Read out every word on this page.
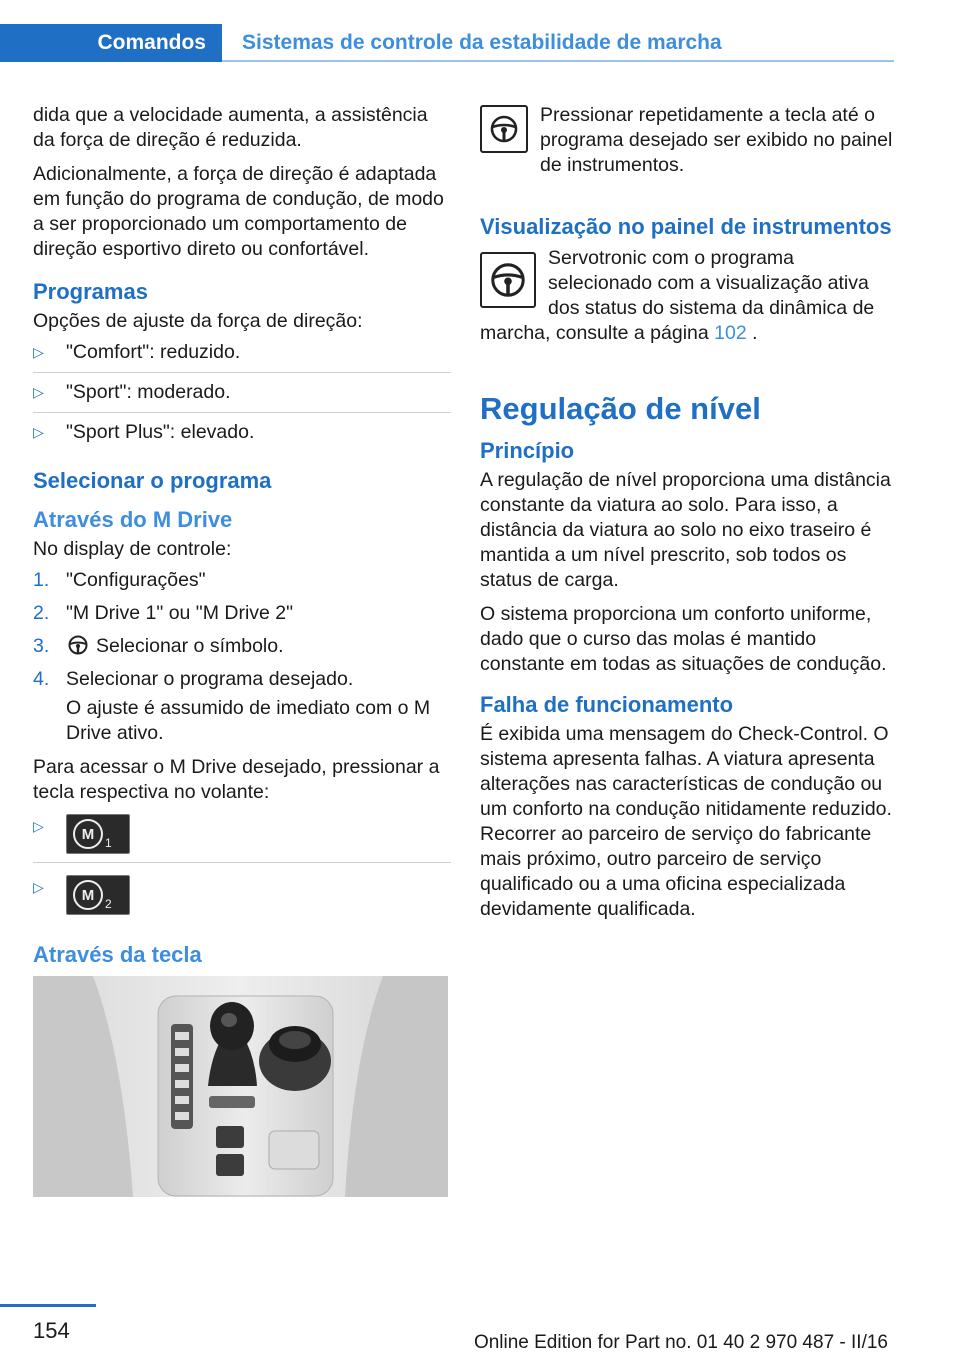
Comandos	Sistemas de controle da estabilidade de marcha

dida que a velocidade aumenta, a assistência da força de direção é reduzida.

Adicionalmente, a força de direção é adaptada em função do programa de condução, de modo a ser proporcionado um comportamento de direção esportivo direto ou confortável.

Programas

Opções de ajuste da força de direção:

▷ "Comfort": reduzido.
▷ "Sport": moderado.
▷ "Sport Plus": elevado.
Selecionar o programa
Através do M Drive

No display de controle:

1. "Configurações"
2. "M Drive 1" ou "M Drive 2"
3. Selecionar o símbolo.
4. Selecionar o programa desejado.

O ajuste é assumido de imediato com o M Drive ativo.

Para acessar o M Drive desejado, pressionar a tecla respectiva no volante:

▷	M
1
▷	M
2
Através da tecla

Pressionar repetidamente a tecla até o programa desejado ser exibido no painel de instrumentos.

Visualização no painel de instrumentos

Servotronic com o programa selecionado com a visualização ativa dos status do sistema da dinâmica de marcha, consulte a página 102 .

Regulação de nível
Princípio

A regulação de nível proporciona uma distância constante da viatura ao solo. Para isso, a distância da viatura ao solo no eixo traseiro é mantida a um nível prescrito, sob todos os status de carga.

O sistema proporciona um conforto uniforme, dado que o curso das molas é mantido constante em todas as situações de condução.

Falha de funcionamento

É exibida uma mensagem do Check-Control. O sistema apresenta falhas. A viatura apresenta alterações nas características de condução ou um conforto na condução nitidamente reduzido. Recorrer ao parceiro de serviço do fabricante mais próximo, outro parceiro de serviço qualificado ou a uma oficina especializada devidamente qualificada.

154	Online Edition for Part no. 01 40 2 970 487 - II/16
